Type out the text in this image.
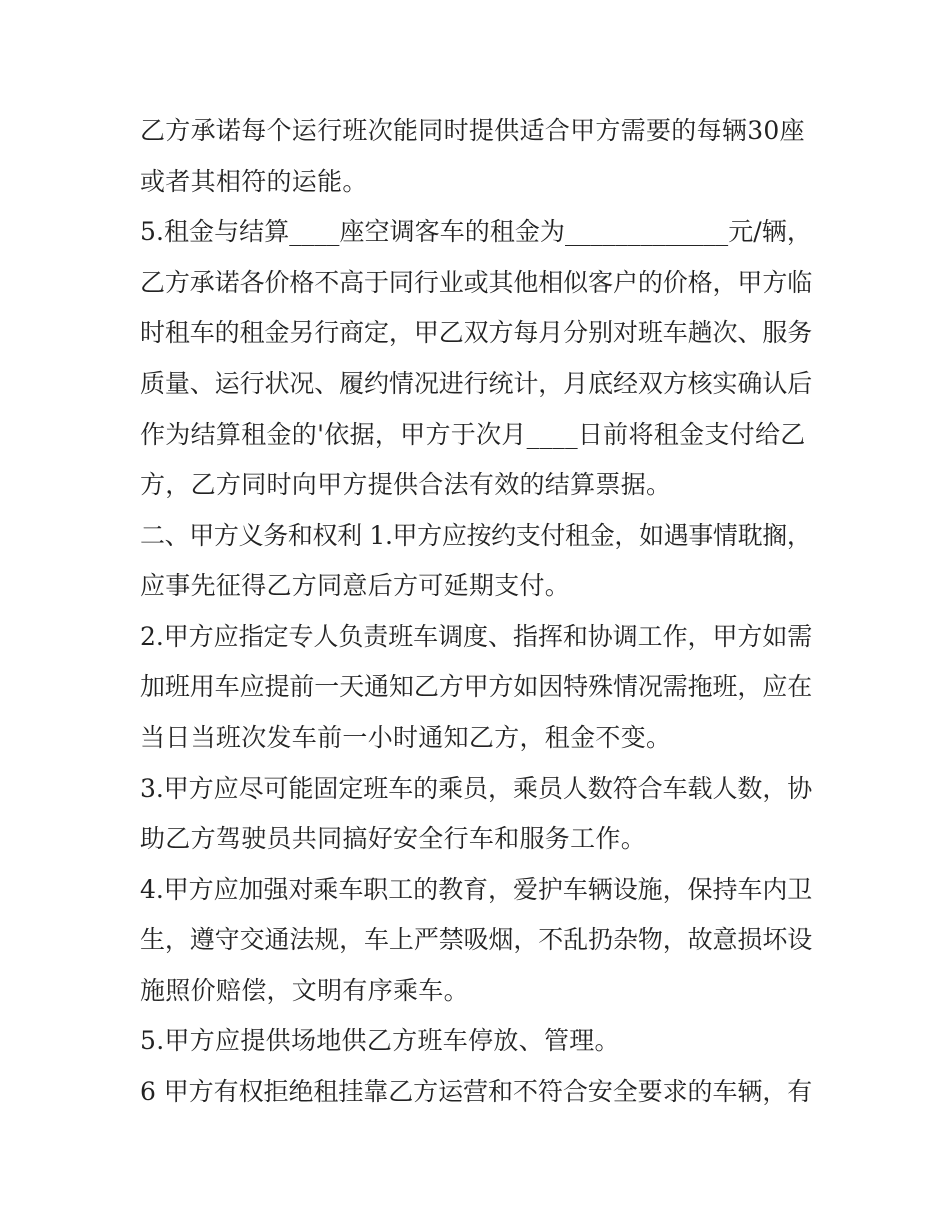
乙方承诺每个运行班次能同时提供适合甲方需要的每辆30座
或者其相符的运能。
5.租金与结算____座空调客车的租金为_____________元/辆，
乙方承诺各价格不高于同行业或其他相似客户的价格，甲方临
时租车的租金另行商定，甲乙双方每月分别对班车趟次、服务
质量、运行状况、履约情况进行统计，月底经双方核实确认后
作为结算租金的'依据，甲方于次月____日前将租金支付给乙
方，乙方同时向甲方提供合法有效的结算票据。
二、甲方义务和权利 1.甲方应按约支付租金，如遇事情耽搁，
应事先征得乙方同意后方可延期支付。
2.甲方应指定专人负责班车调度、指挥和协调工作，甲方如需
加班用车应提前一天通知乙方甲方如因特殊情况需拖班，应在
当日当班次发车前一小时通知乙方，租金不变。
3.甲方应尽可能固定班车的乘员，乘员人数符合车载人数，协
助乙方驾驶员共同搞好安全行车和服务工作。
4.甲方应加强对乘车职工的教育，爱护车辆设施，保持车内卫
生，遵守交通法规，车上严禁吸烟，不乱扔杂物，故意损坏设
施照价赔偿，文明有序乘车。
5.甲方应提供场地供乙方班车停放、管理。
6 甲方有权拒绝租挂靠乙方运营和不符合安全要求的车辆，有
